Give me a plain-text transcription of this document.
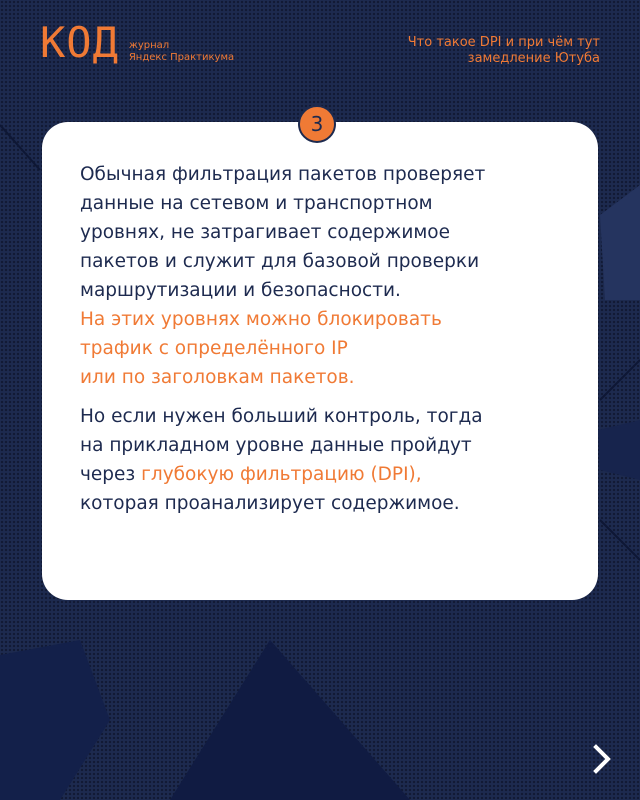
КОД журнал
Яндекс Практикума
Что такое DPI и при чём тут
замедление Ютуба
3

Обычная фильтрация пакетов проверяет
данные на сетевом и транспортном
уровнях, не затрагивает содержимое
пакетов и служит для базовой проверки
маршрутизации и безопасности.
На этих уровнях можно блокировать
трафик с определённого IP
или по заголовкам пакетов.

Но если нужен больший контроль, тогда
на прикладном уровне данные пройдут
через глубокую фильтрацию (DPI),
которая проанализирует содержимое.
